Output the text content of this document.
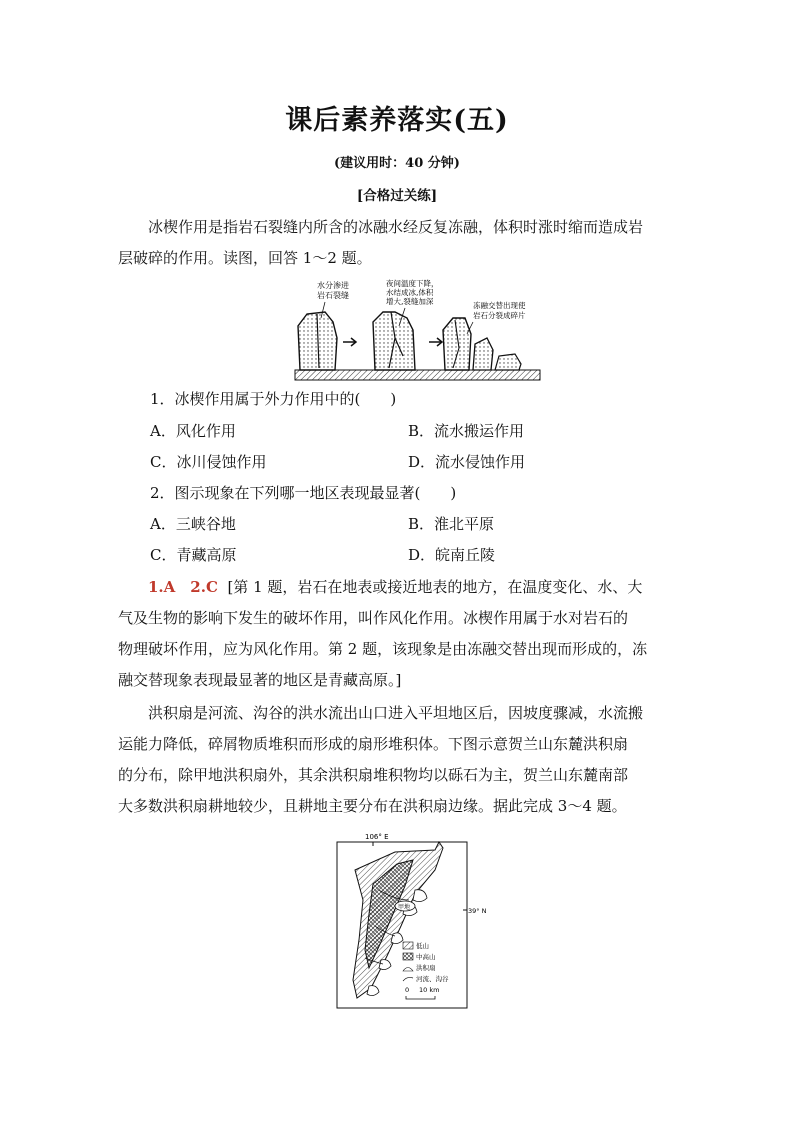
课后素养落实(五)
(建议用时：40 分钟)
[合格过关练]
冰楔作用是指岩石裂缝内所含的冰融水经反复冻融，体积时涨时缩而造成岩
层破碎的作用。读图，回答 1～2 题。
水分渗进
岩石裂缝
夜间温度下降，
水结成冰,体积
增大,裂缝加深	冻融交替出现使
岩石分裂成碎片
1．冰楔作用属于外力作用中的(　　)
A．风化作用	B．流水搬运作用
C．冰川侵蚀作用	D．流水侵蚀作用
2．图示现象在下列哪一地区表现最显著(　　)
A．三峡谷地	B．淮北平原
C．青藏高原	D．皖南丘陵
1.A　2.C [第 1 题，岩石在地表或接近地表的地方，在温度变化、水、大
气及生物的影响下发生的破坏作用，叫作风化作用。冰楔作用属于水对岩石的
物理破坏作用，应为风化作用。第 2 题，该现象是由冻融交替出现而形成的，冻
融交替现象表现最显著的地区是青藏高原。]
洪积扇是河流、沟谷的洪水流出山口进入平坦地区后，因坡度骤减，水流搬
运能力降低，碎屑物质堆积而形成的扇形堆积体。下图示意贺兰山东麓洪积扇
的分布，除甲地洪积扇外，其余洪积扇堆积物均以砾石为主，贺兰山东麓南部
大多数洪积扇耕地较少，且耕地主要分布在洪积扇边缘。据此完成 3～4 题。
106° E
39° N
甲地
低山
中高山
洪积扇
河流、沟谷
0 10 km
